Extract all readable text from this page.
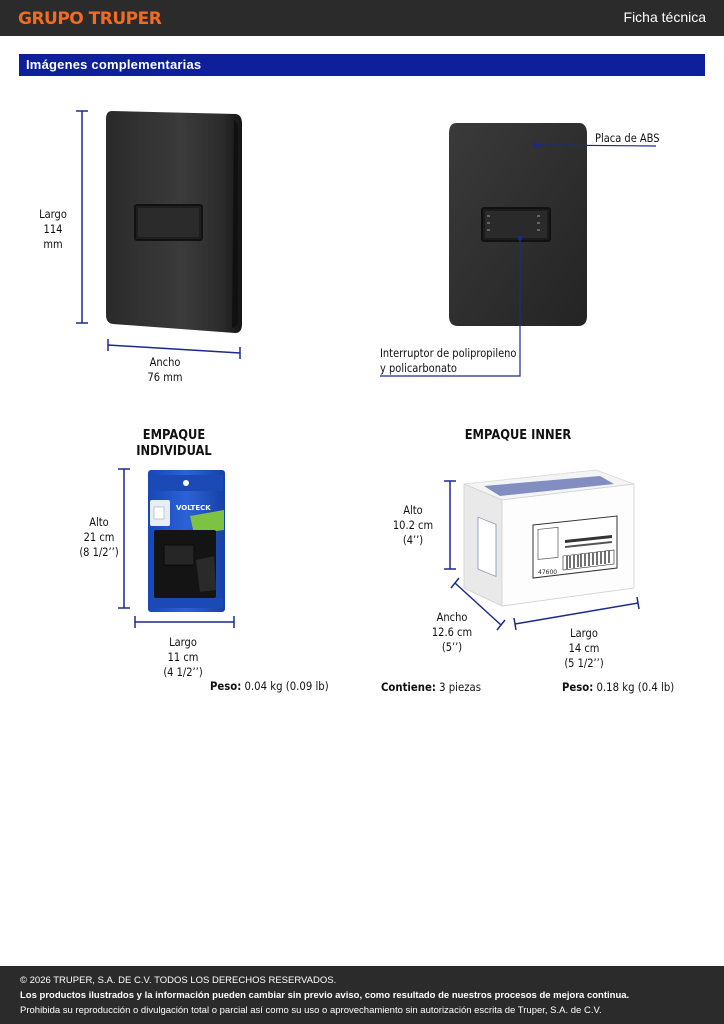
GRUPO TRUPER	Ficha técnica
Imágenes complementarias
VOLTECK
47600
Largo
114 mm
Ancho
76 mm
Placa de ABS
Interruptor de polipropileno
y policarbonato
EMPAQUE INDIVIDUAL
Alto
21 cm
(8 1/2’’)
Largo
11 cm
(4 1/2’’)
Peso: 0.04 kg (0.09 lb)
EMPAQUE INNER
Alto
10.2 cm
(4’’)
Ancho
12.6 cm
(5’’)
Largo
14 cm
(5 1/2’’)
Contiene: 3 piezas	Peso: 0.18 kg (0.4 lb)
© 2026 TRUPER, S.A. DE C.V. TODOS LOS DERECHOS RESERVADOS.
Los productos ilustrados y la información pueden cambiar sin previo aviso, como resultado de nuestros procesos de mejora continua.
Prohibida su reproducción o divulgación total o parcial así como su uso o aprovechamiento sin autorización escrita de Truper, S.A. de C.V.
